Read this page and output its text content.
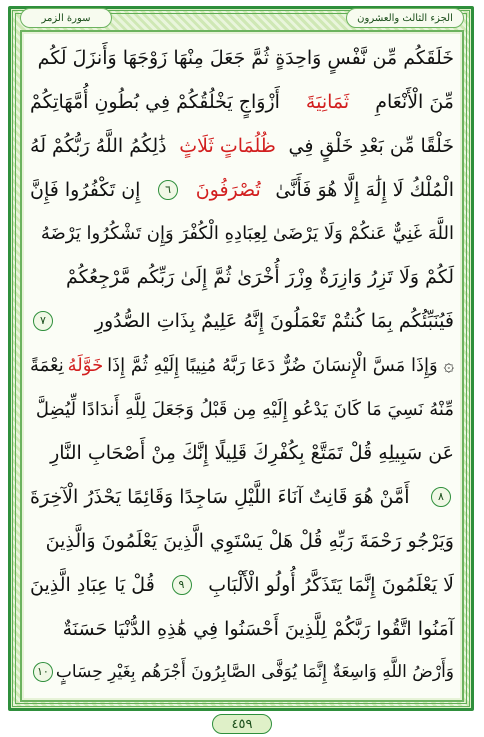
الجزء الثالث والعشرون
سورة الزمر
خَلَقَكُم مِّن نَّفْسٍ وَاحِدَةٍ ثُمَّ جَعَلَ مِنْهَا زَوْجَهَا وَأَنزَلَ لَكُم
مِّنَ الْأَنْعَامِ
ثَمَانِيَةَ
أَزْوَاجٍ يَخْلُقُكُمْ فِي بُطُونِ أُمَّهَاتِكُمْ
خَلْقًا مِّن بَعْدِ خَلْقٍ فِي
ظُلُمَاتٍ ثَلَاثٍ
ذَٰلِكُمُ اللَّهُ رَبُّكُمْ لَهُ
الْمُلْكُ لَا إِلَٰهَ إِلَّا هُوَ فَأَنَّىٰ
تُصْرَفُونَ
٦
إِن تَكْفُرُوا فَإِنَّ
اللَّهَ غَنِيٌّ عَنكُمْ وَلَا يَرْضَىٰ لِعِبَادِهِ الْكُفْرَ وَإِن تَشْكُرُوا يَرْضَهُ
لَكُمْ وَلَا تَزِرُ وَازِرَةٌ وِزْرَ أُخْرَىٰ ثُمَّ إِلَىٰ رَبِّكُم مَّرْجِعُكُمْ
فَيُنَبِّئُكُم بِمَا كُنتُمْ تَعْمَلُونَ إِنَّهُ عَلِيمٌ بِذَاتِ الصُّدُورِ
٧
۞ وَإِذَا مَسَّ الْإِنسَانَ ضُرٌّ دَعَا رَبَّهُ مُنِيبًا إِلَيْهِ ثُمَّ إِذَا
خَوَّلَهُ
نِعْمَةً
مِّنْهُ نَسِيَ مَا كَانَ يَدْعُو إِلَيْهِ مِن قَبْلُ وَجَعَلَ لِلَّهِ أَندَادًا لِّيُضِلَّ
عَن سَبِيلِهِ قُلْ تَمَتَّعْ بِكُفْرِكَ قَلِيلًا إِنَّكَ مِنْ أَصْحَابِ النَّارِ
٨
أَمَّنْ هُوَ قَانِتٌ آنَاءَ اللَّيْلِ سَاجِدًا وَقَائِمًا يَحْذَرُ الْآخِرَةَ
وَيَرْجُو رَحْمَةَ رَبِّهِ قُلْ هَلْ يَسْتَوِي الَّذِينَ يَعْلَمُونَ وَالَّذِينَ
لَا يَعْلَمُونَ إِنَّمَا يَتَذَكَّرُ أُولُو الْأَلْبَابِ
٩
قُلْ يَا عِبَادِ الَّذِينَ
آمَنُوا اتَّقُوا رَبَّكُمْ لِلَّذِينَ أَحْسَنُوا فِي هَٰذِهِ الدُّنْيَا حَسَنَةٌ
وَأَرْضُ اللَّهِ وَاسِعَةٌ إِنَّمَا يُوَفَّى الصَّابِرُونَ أَجْرَهُم بِغَيْرِ حِسَابٍ
١٠
٤٥٩
